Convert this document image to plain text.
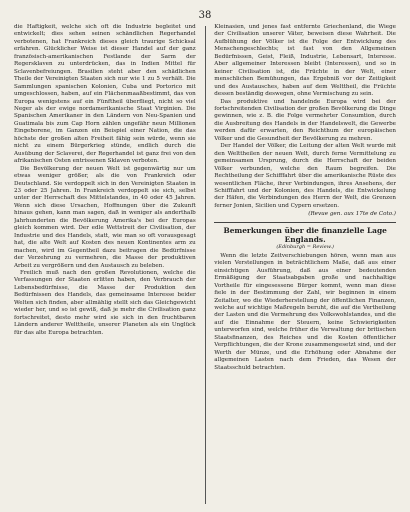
38

die Haftigkeit, welche sich oft die Industrie begleitet und entwickelt; dies sehen seinen schändlichen Regerhandel verbotenen, hat Frankreich dieses gleich traurige Schicksal erfahren. Glücklicher Weise ist dieser Handel auf der ganz französisch-amerikanischen Festlande der Sarm der Regersklaven zu unterdrücken, das in Indien Mittel für Sclavenbefreiungen. Brasilien steht aber den schädlichen Theile der Vereinigten Staaten sich nur wie 1 zu 5 verhält. Die Sammlungen spanischen Kolonien, Cuba und Portorico mit umgeschlossen, haben, auf ein Flächenmaaßbestimmt, das von Europa wenigstens auf ein Fünftheil überfliegt, nicht so viel Neger als der ewige nordamerikanische Staat Virginien. Die Spanischen Amerikaner in den Ländern von Neu-Spanien und Guatimala bis zum Cap Horn zählen ungefähr neun Millionen Eingeborene, im Ganzen ein Beispiel einer Nation, die das höchste der großen alten Freiheit fähig sein würde, wenn sie nicht zu einem Bürgerkrieg stünde, endlich durch die Ausübung der Sclaverei, der Regerhandel ist ganz frei von den afrikanischen Osten entrissenen Sklaven verboten.

Die Bevölkerung der neuen Welt ist gegenwärtig nur um etwas weniger größer, als die von Frankreich oder Deutschland. Sie verdoppelt sich in den Vereinigten Staaten in 23 oder 25 Jahren. In Frankreich verdoppelt sie sich, selbst unter der Herrschaft des Mittelstandes, in 40 oder 45 Jahren. Wenn sich diese Ursachen, Hoffnungen über die Zukunft hinaus gehen, kann man sagen, daß in weniger als anderthalb Jahrhunderten die Bevölkerung Amerika's bei der Europas gleich kommen wird. Der edle Wettstreit der Civilisation, der Industrie und des Handels, statt, wie man so oft vorausgesagt hat, die alte Welt auf Kosten des neuen Kontinentes arm zu machen, wird im Gegentheil dazu beitragen die Bedürfnisse der Verzehrung zu vermehren, die Masse der produktiven Arbeit zu vergrößern und den Austausch zu beleben.

Freilich muß nach den großen Revolutionen, welche die Verfassungen der Staaten erlitten haben, den Verbrauch der Lebensbedürfnisse, die Masse der Produktion den Bedürfnissen des Handels, das gemeinsame Interesse beider Welten sich finden, aber allmählig stellt sich das Gleichgewicht wieder her, und so ist gewiß, daß je mehr die Civilisation ganz fortschreitet, desto mehr wird sie sich in den fruchtbaren Ländern anderer Welttheile, unserer Planeten als ein Unglück für das alte Europa betrachten.

Kleinasien, und jenes fast entfernte Griechenland, die Wiege der Civilisation unserer Väter, beweisen diese Wahrheit. Die Aufblühung der Völker ist die Folge der Entwicklung des Menschengeschlechts; ist fast von den Allgemeinen Bedürfnissen, Geist, Fleiß, Industrie, Lebensart, Interesse. Aber allgemeiner Interessen bleibt (Interessen), und so in keiner Civilisation ist, die Früchte in der Welt, einer menschlichen Bemühungen, das Ergebniß vor der Zeitigkeit und des Austausches, haben auf dem Welttheil, die Früchte dessen beständig deswegen, ohne Vermischung zu sein.

Das produktive und handelnde Europa wird bei der fortschreitenden Civilisation der großen Bevölkerung die Dinge gewinnen, wie z. B. die Folge vermehrter Consumtion, durch die Ausbreitung des Handels in der Handelswelt, die Gewerbe werden dafür erwarten, den Reichthum der europäischen Völker und die Gesundheit der Bevölkerung zu mehren.

Der Handel der Völker, die Leitung der alten Welt wurde mit den Welttheilen der neuen Welt, durch ferne Vermittelung zu gemeinsamen Ursprung, durch die Herrschaft der beiden Völker verbunden, welche den Raum begreifen. Die Rechtheilung der Schifffahrt über die amerikanische Rüste des wesentlichen Fläche, ihrer Verbindungen, ihres Ansehens, der Schifffahrt und der Kolonien, des Handels, die Entwickelung der Häfen, die Verbindungen des Herrn der Welt, die Grenzen ferner Jonien, Sicilien und Cypern ersetzen.

(Revue gen. aux 17te de Coto.)
Bemerkungen über die finanzielle Lage Englands.
(Edinburgh = Review.)

Wenn die letzte Zeitverschiebungen hören, wenn man aus vielen Verstellungen in beträchtlichem Maße, daß aus einer einsichtigen Ausführung, daß aus einer bedeutenden Ermäßigung der Staatsabgaben große und nachhaltige Vortheile für eingesessene Bürger kommt, wenn man diese fiele in der Bestimmung der Zahl, wir beginnen in einem Zeitalter, wo die Wiederherstellung der öffentlichen Finanzen, welche auf wichtige Maßregeln beruht, die auf die Vertheilung der Lasten und die Vermehrung des Volkswohlstandes, und die auf die Einnahme der Steuern, keine Schwierigkeiten unterworfen sind, welche früher die Verwaltung der britischen Staatsfinanzen, des Reiches und die Kosten öffentlicher Verpflichtungen, die der Krone zusammengesetzt sind, und der Werth der Münze, und die Erhöhung oder Abnahme der allgemeinen Lasten nach dem Frieden, das Wesen der Staatsschuld betrachten.
